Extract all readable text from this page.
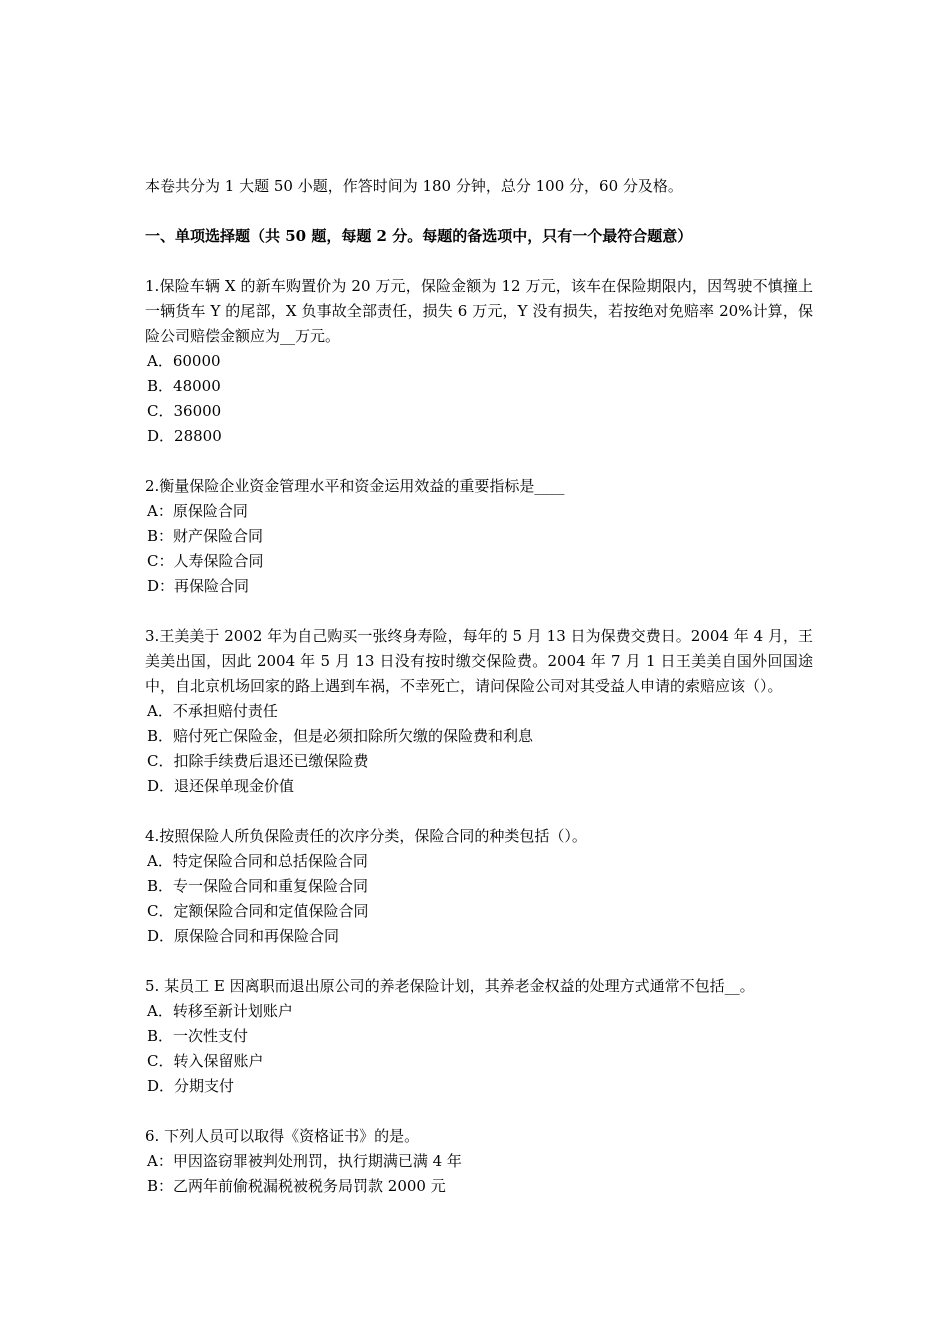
本卷共分为 1 大题 50 小题，作答时间为 180 分钟，总分 100 分，60 分及格。

一、单项选择题（共 50 题，每题 2 分。每题的备选项中，只有一个最符合题意）

1.保险车辆 X 的新车购置价为 20 万元，保险金额为 12 万元，该车在保险期限内，因驾驶不慎撞上一辆货车 Y 的尾部，X 负事故全部责任，损失 6 万元，Y 没有损失，若按绝对免赔率 20%计算，保险公司赔偿金额应为__万元。

A．60000

B．48000

C．36000

D．28800

2.衡量保险企业资金管理水平和资金运用效益的重要指标是____

A：原保险合同

B：财产保险合同

C：人寿保险合同

D：再保险合同

3.王美美于 2002 年为自己购买一张终身寿险，每年的 5 月 13 日为保费交费日。2004 年 4 月，王美美出国，因此 2004 年 5 月 13 日没有按时缴交保险费。2004 年 7 月 1 日王美美自国外回国途中，自北京机场回家的路上遇到车祸，不幸死亡，请问保险公司对其受益人申请的索赔应该（）。

A．不承担赔付责任

B．赔付死亡保险金，但是必须扣除所欠缴的保险费和利息

C．扣除手续费后退还已缴保险费

D．退还保单现金价值

4.按照保险人所负保险责任的次序分类，保险合同的种类包括（）。

A．特定保险合同和总括保险合同

B．专一保险合同和重复保险合同

C．定额保险合同和定值保险合同

D．原保险合同和再保险合同

5. 某员工 E 因离职而退出原公司的养老保险计划，其养老金权益的处理方式通常不包括__。

A．转移至新计划账户

B．一次性支付

C．转入保留账户

D．分期支付

6. 下列人员可以取得《资格证书》的是。

A：甲因盗窃罪被判处刑罚，执行期满已满 4 年

B：乙两年前偷税漏税被税务局罚款 2000 元
